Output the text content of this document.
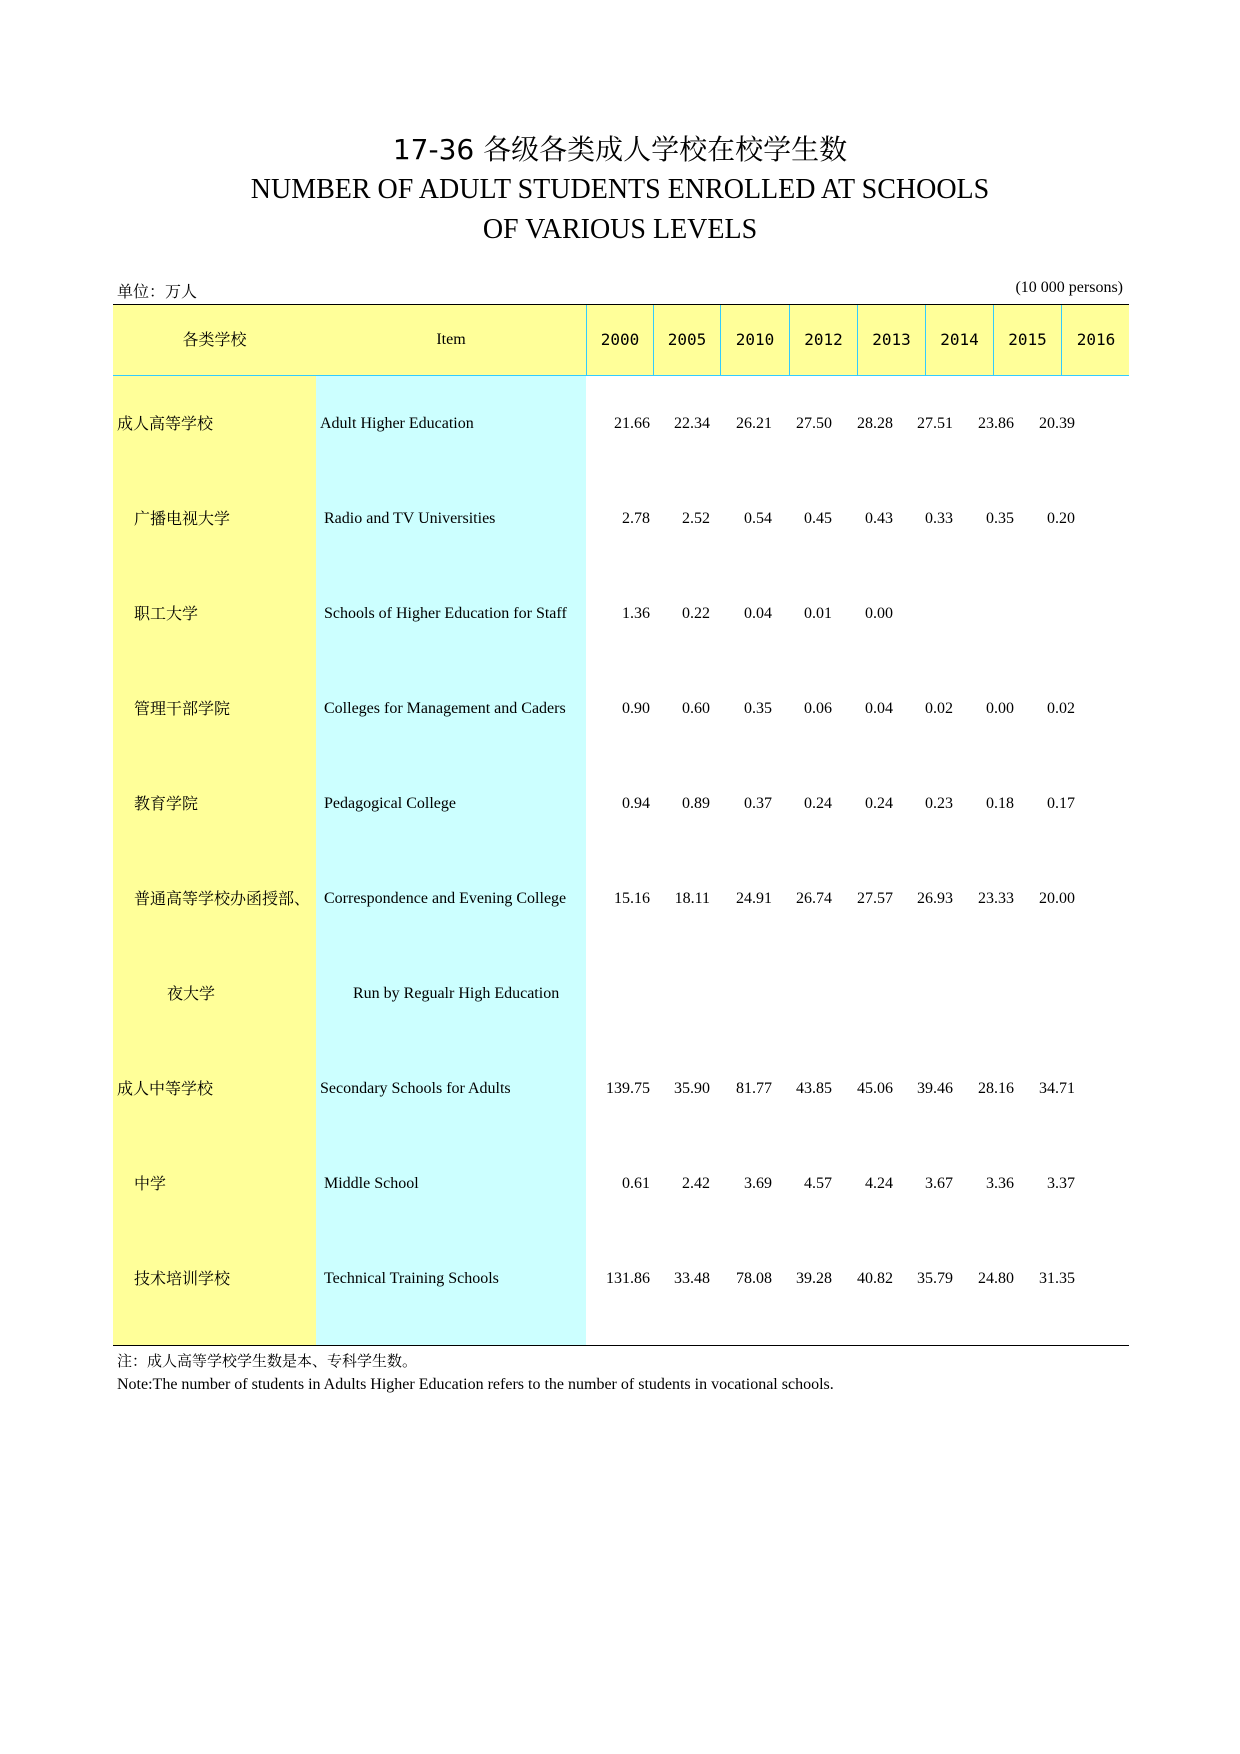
17-36 各级各类成人学校在校学生数
NUMBER OF ADULT STUDENTS ENROLLED AT SCHOOLS
OF VARIOUS LEVELS
单位：万人	(10 000 persons)
各类学校	Item	2000	2005	2010	2012	2013	2014	2015	2016
成人高等学校	Adult Higher Education	21.66	22.34	26.21	27.50	28.28	27.51	23.86	20.39
广播电视大学	Radio and TV Universities	2.78	2.52	0.54	0.45	0.43	0.33	0.35	0.20
职工大学	Schools of Higher Education for Staff	1.36	0.22	0.04	0.01	0.00
管理干部学院	Colleges for Management and Caders	0.90	0.60	0.35	0.06	0.04	0.02	0.00	0.02
教育学院	Pedagogical College	0.94	0.89	0.37	0.24	0.24	0.23	0.18	0.17
普通高等学校办函授部、 Correspondence and Evening College	15.16	18.11	24.91	26.74	27.57	26.93	23.33	20.00
夜大学	Run by Regualr High Education
成人中等学校	Secondary Schools for Adults	139.75	35.90	81.77	43.85	45.06	39.46	28.16	34.71
中学	Middle School	0.61	2.42	3.69	4.57	4.24	3.67	3.36	3.37
技术培训学校	Technical Training Schools	131.86	33.48	78.08	39.28	40.82	35.79	24.80	31.35
注：成人高等学校学生数是本、专科学生数。
Note:The number of students in Adults Higher Education refers to the number of students in vocational schools.
